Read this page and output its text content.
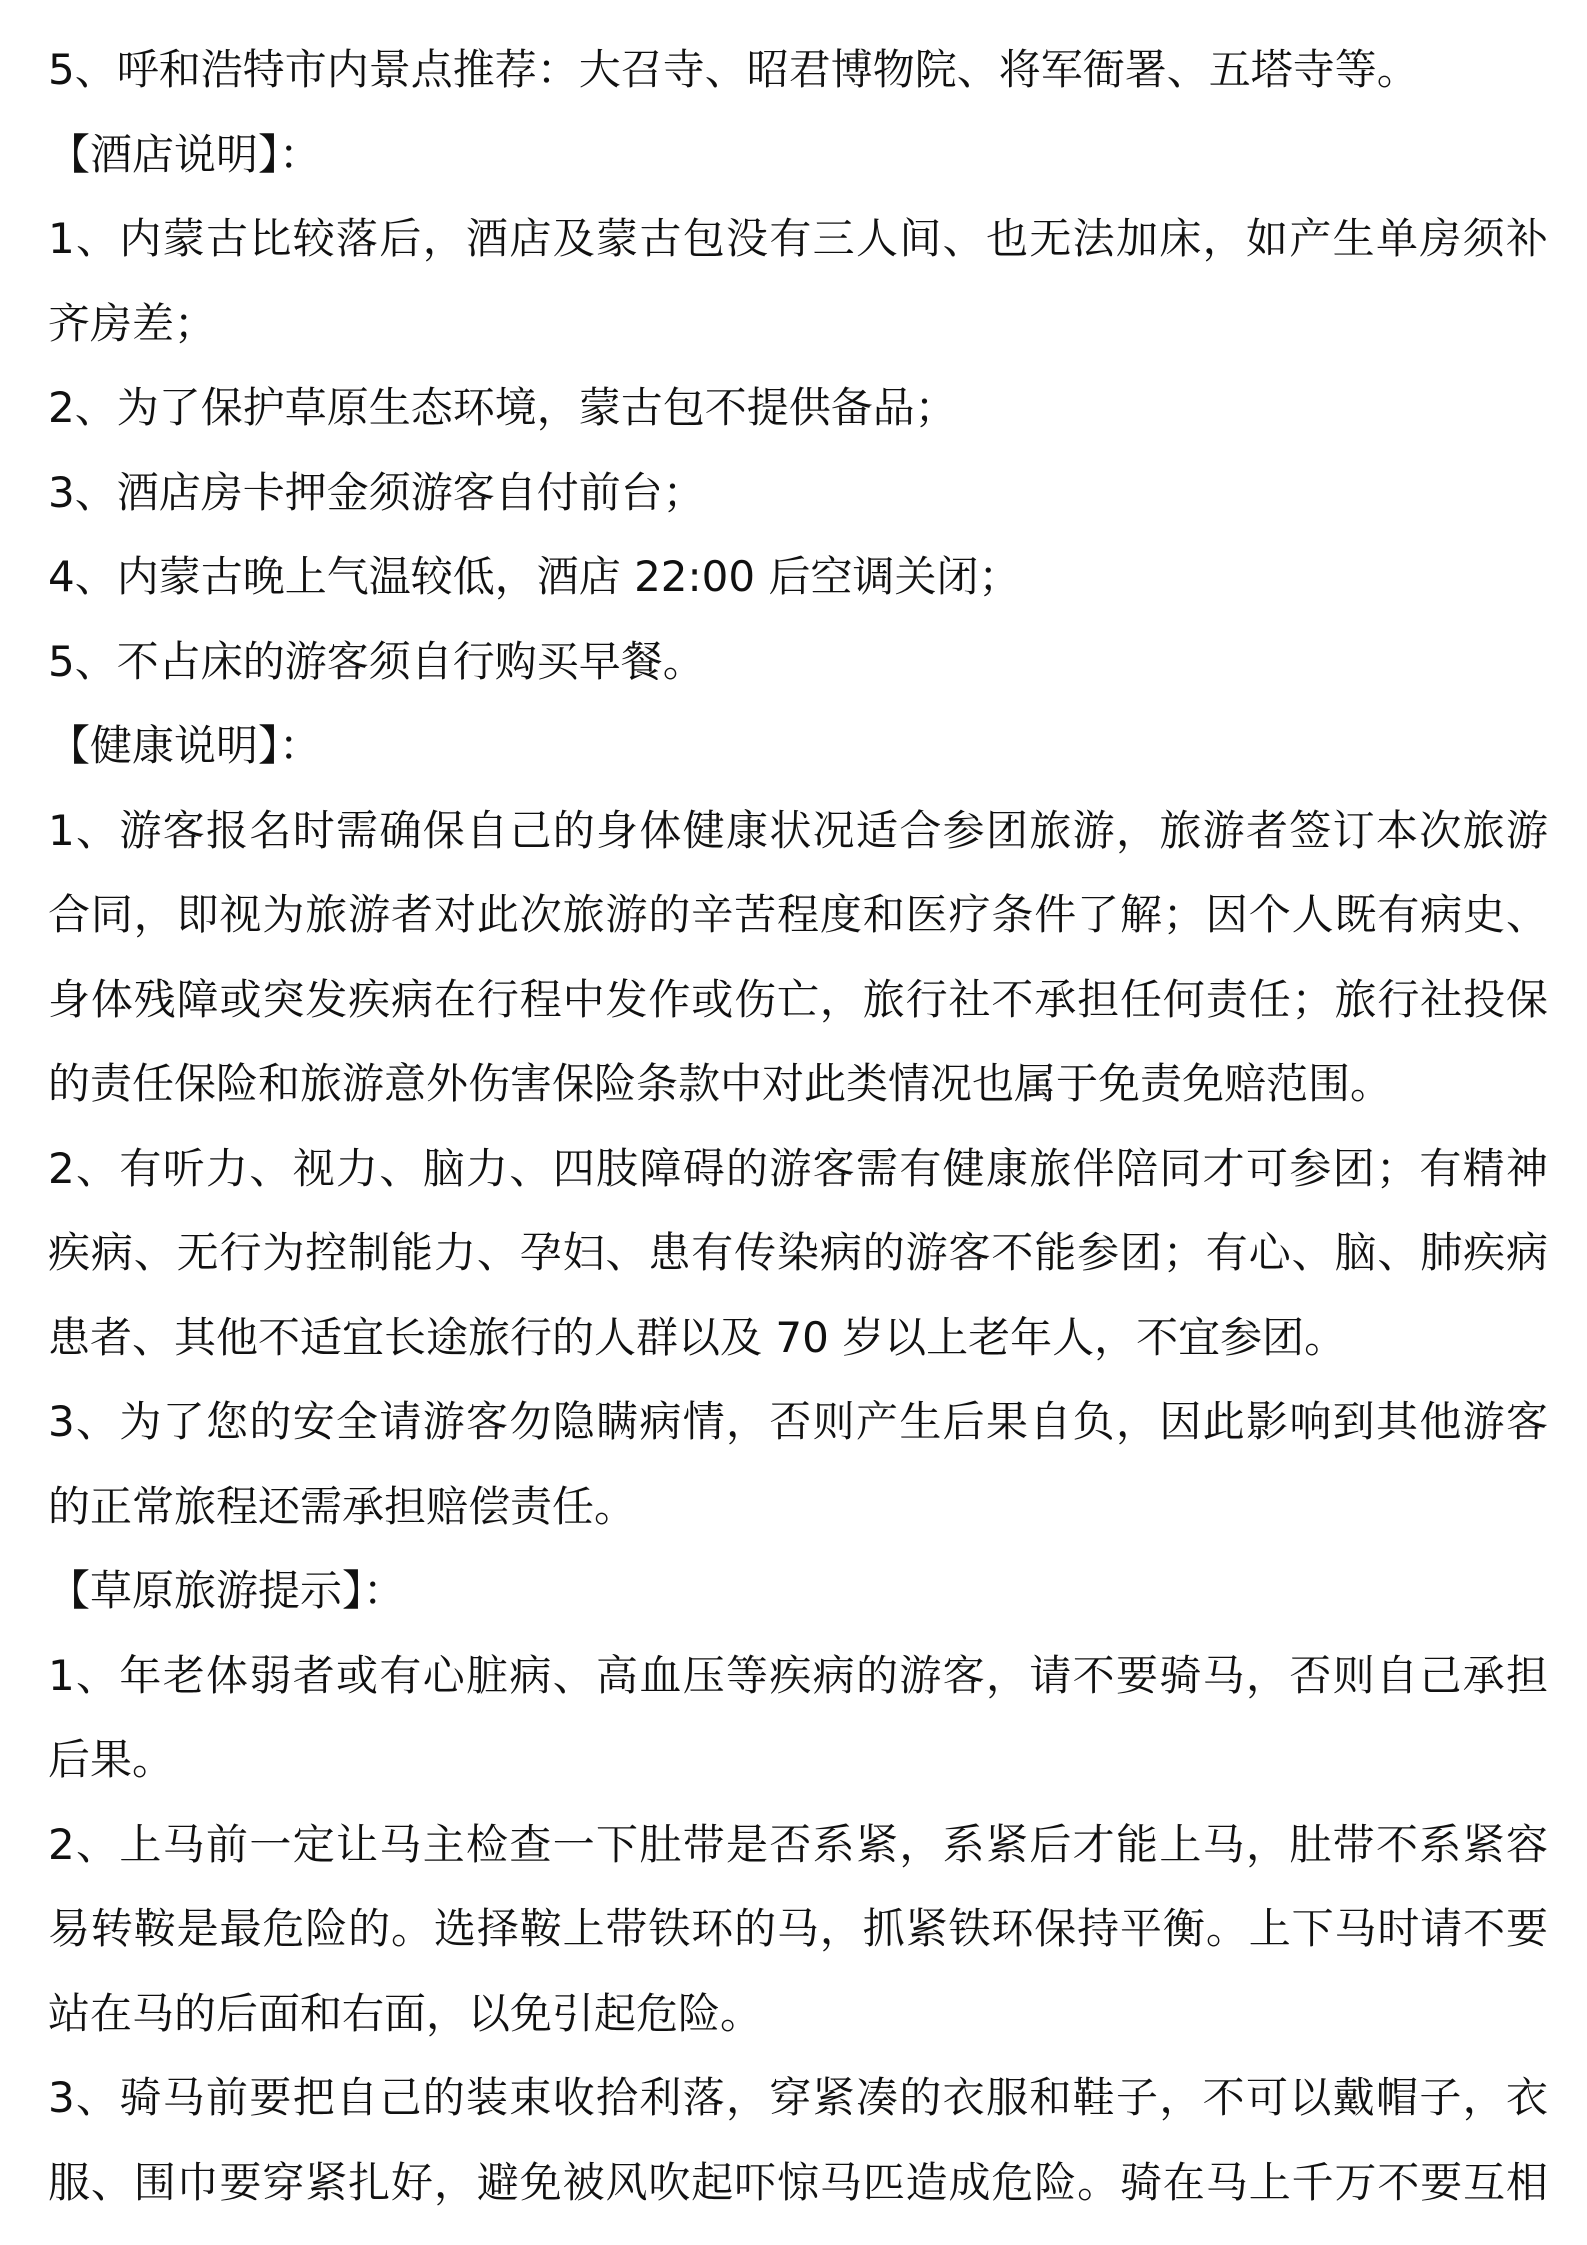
5、呼和浩特市内景点推荐：大召寺、昭君博物院、将军衙署、五塔寺等。

【酒店说明】：

1、内蒙古比较落后，酒店及蒙古包没有三人间、也无法加床，如产生单房须补
齐房差；

2、为了保护草原生态环境，蒙古包不提供备品；

3、酒店房卡押金须游客自付前台；

4、内蒙古晚上气温较低，酒店 22:00 后空调关闭；

5、不占床的游客须自行购买早餐。

【健康说明】：

1、游客报名时需确保自己的身体健康状况适合参团旅游，旅游者签订本次旅游
合同，即视为旅游者对此次旅游的辛苦程度和医疗条件了解；因个人既有病史、
身体残障或突发疾病在行程中发作或伤亡，旅行社不承担任何责任；旅行社投保
的责任保险和旅游意外伤害保险条款中对此类情况也属于免责免赔范围。

2、有听力、视力、脑力、四肢障碍的游客需有健康旅伴陪同才可参团；有精神
疾病、无行为控制能力、孕妇、患有传染病的游客不能参团；有心、脑、肺疾病
患者、其他不适宜长途旅行的人群以及 70 岁以上老年人，不宜参团。

3、为了您的安全请游客勿隐瞒病情，否则产生后果自负，因此影响到其他游客
的正常旅程还需承担赔偿责任。

【草原旅游提示】：

1、年老体弱者或有心脏病、高血压等疾病的游客，请不要骑马，否则自己承担
后果。

2、上马前一定让马主检查一下肚带是否系紧，系紧后才能上马，肚带不系紧容
易转鞍是最危险的。选择鞍上带铁环的马，抓紧铁环保持平衡。上下马时请不要
站在马的后面和右面，以免引起危险。

3、骑马前要把自己的装束收拾利落，穿紧凑的衣服和鞋子，不可以戴帽子，衣
服、围巾要穿紧扎好，避免被风吹起吓惊马匹造成危险。骑在马上千万不要互相
